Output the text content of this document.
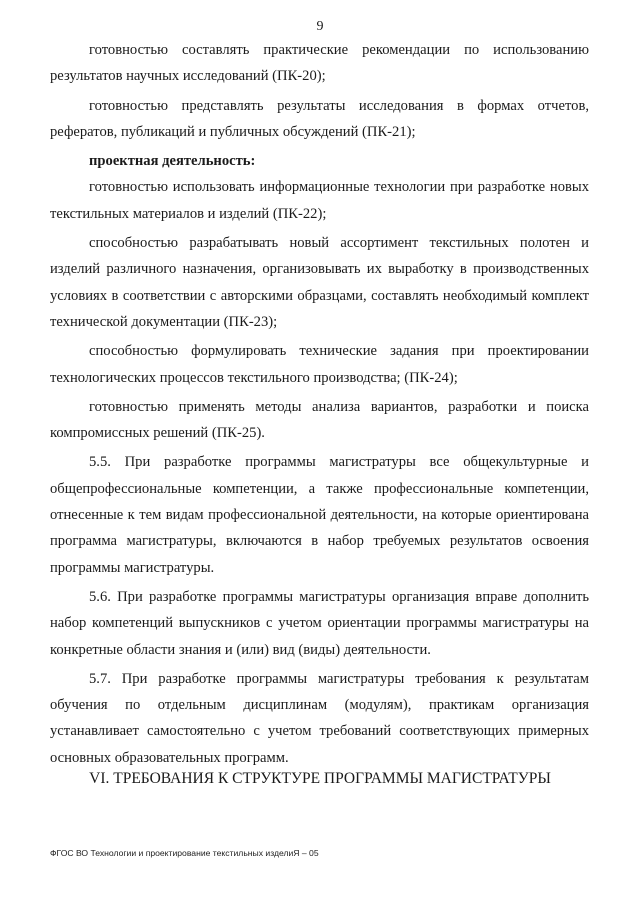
9

готовностью составлять практические рекомендации по использованию результатов научных исследований (ПК-20);

готовностью представлять результаты исследования в формах отчетов, рефератов, публикаций и публичных обсуждений (ПК-21);

проектная деятельность:

готовностью использовать информационные технологии при разработке новых текстильных материалов и изделий (ПК-22);

способностью разрабатывать новый ассортимент текстильных полотен и изделий различного назначения, организовывать их выработку в производственных условиях в соответствии с авторскими образцами, составлять необходимый комплект технической документации (ПК-23);

способностью формулировать технические задания при проектировании технологических процессов текстильного производства; (ПК-24);

готовностью применять методы анализа вариантов, разработки и поиска компромиссных решений (ПК-25).

5.5. При разработке программы магистратуры все общекультурные и общепрофессиональные компетенции, а также профессиональные компетенции, отнесенные к тем видам профессиональной деятельности, на которые ориентирована программа магистратуры, включаются в набор требуемых результатов освоения программы магистратуры.

5.6. При разработке программы магистратуры организация вправе дополнить набор компетенций выпускников с учетом ориентации программы магистратуры на конкретные области знания и (или) вид (виды) деятельности.

5.7. При разработке программы магистратуры требования к результатам обучения по отдельным дисциплинам (модулям), практикам организация устанавливает самостоятельно с учетом требований соответствующих примерных основных образовательных программ.

VI. ТРЕБОВАНИЯ К СТРУКТУРЕ ПРОГРАММЫ МАГИСТРАТУРЫ
ФГОС ВО Технологии и проектирование текстильных изделиЯ – 05
